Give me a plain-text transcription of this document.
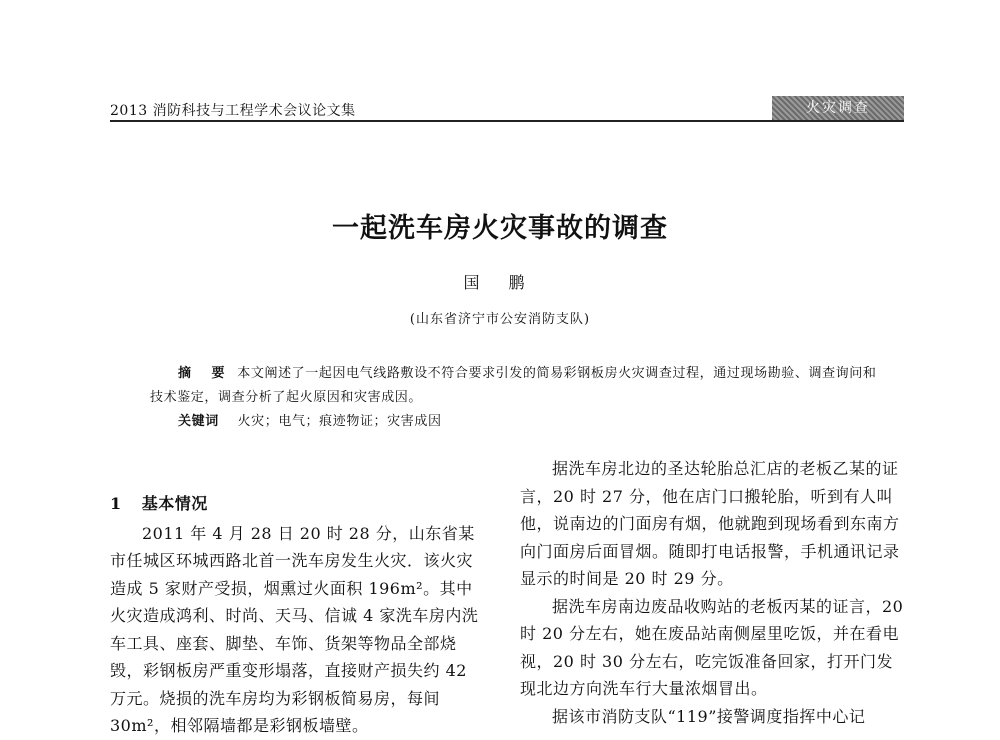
2013 消防科技与工程学术会议论文集	火灾调查
一起洗车房火灾事故的调查
国 鹏
(山东省济宁市公安消防支队)
摘 要 本文阐述了一起因电气线路敷设不符合要求引发的简易彩钢板房火灾调查过程，通过现场勘验、调查询问和技术鉴定，调查分析了起火原因和灾害成因。
关键词 火灾；电气；痕迹物证；灾害成因
1 基本情况

2011 年 4 月 28 日 20 时 28 分，山东省某市任城区环城西路北首一洗车房发生火灾．该火灾造成 5 家财产受损，烟熏过火面积 196m²。其中火灾造成鸿利、时尚、天马、信诚 4 家洗车房内洗车工具、座套、脚垫、车饰、货架等物品全部烧毁，彩钢板房严重变形塌落，直接财产损失约 42 万元。烧损的洗车房均为彩钢板简易房，每间 30m²，相邻隔墙都是彩钢板墙壁。

据洗车房北边的圣达轮胎总汇店的老板乙某的证言，20 时 27 分，他在店门口搬轮胎，听到有人叫他，说南边的门面房有烟，他就跑到现场看到东南方向门面房后面冒烟。随即打电话报警，手机通讯记录显示的时间是 20 时 29 分。

据洗车房南边废品收购站的老板丙某的证言，20 时 20 分左右，她在废品站南侧屋里吃饭，并在看电视，20 时 30 分左右，吃完饭准备回家，打开门发现北边方向洗车行大量浓烟冒出。

据该市消防支队“119”接警调度指挥中心记
